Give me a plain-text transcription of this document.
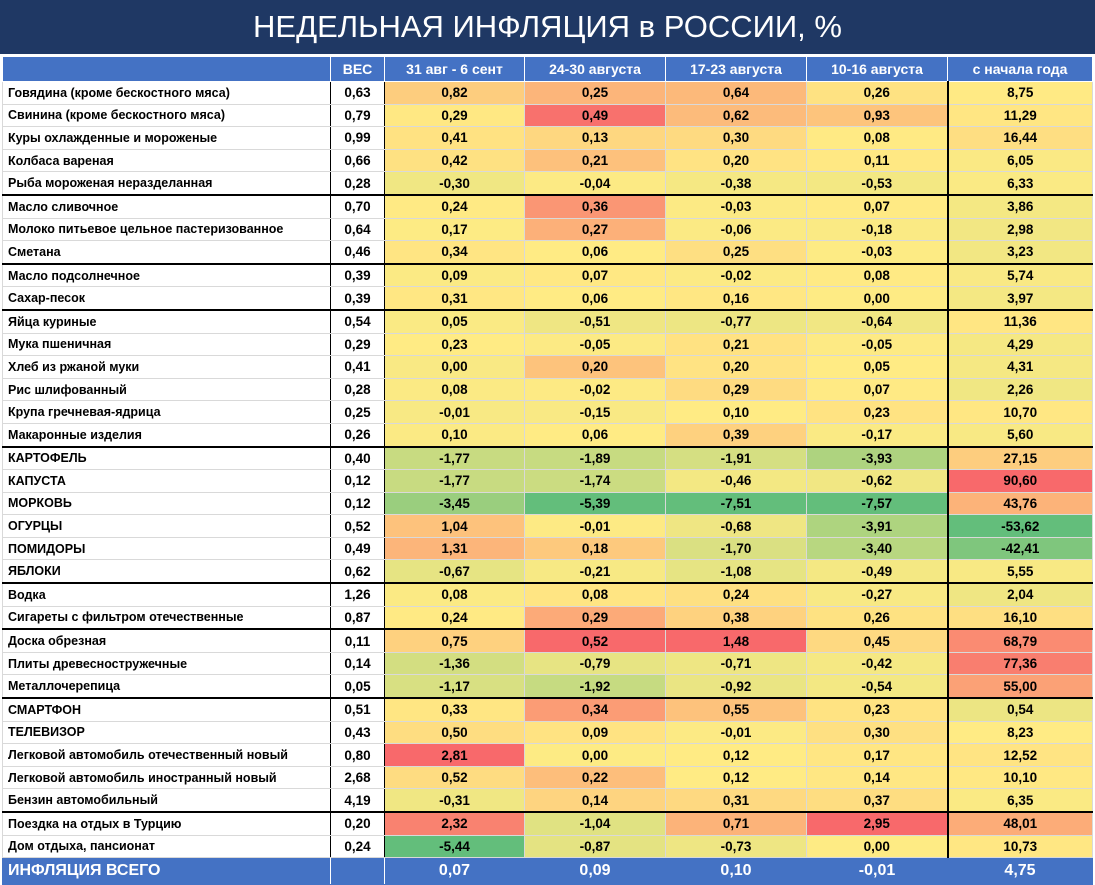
НЕДЕЛЬНАЯ ИНФЛЯЦИЯ в РОССИИ, %
	ВЕС	31 авг - 6 сент	24-30 августа	17-23 августа	10-16 августа	с начала года
Говядина (кроме бескостного мяса)	0,63	0,82	0,25	0,64	0,26	8,75
Свинина (кроме бескостного мяса)	0,79	0,29	0,49	0,62	0,93	11,29
Куры охлажденные и мороженые	0,99	0,41	0,13	0,30	0,08	16,44
Колбаса вареная	0,66	0,42	0,21	0,20	0,11	6,05
Рыба мороженая неразделанная	0,28	-0,30	-0,04	-0,38	-0,53	6,33
Масло сливочное	0,70	0,24	0,36	-0,03	0,07	3,86
Молоко питьевое цельное пастеризованное	0,64	0,17	0,27	-0,06	-0,18	2,98
Сметана	0,46	0,34	0,06	0,25	-0,03	3,23
Масло подсолнечное	0,39	0,09	0,07	-0,02	0,08	5,74
Сахар-песок	0,39	0,31	0,06	0,16	0,00	3,97
Яйца куриные	0,54	0,05	-0,51	-0,77	-0,64	11,36
Мука пшеничная	0,29	0,23	-0,05	0,21	-0,05	4,29
Хлеб из ржаной муки	0,41	0,00	0,20	0,20	0,05	4,31
Рис шлифованный	0,28	0,08	-0,02	0,29	0,07	2,26
Крупа гречневая-ядрица	0,25	-0,01	-0,15	0,10	0,23	10,70
Макаронные изделия	0,26	0,10	0,06	0,39	-0,17	5,60
КАРТОФЕЛЬ	0,40	-1,77	-1,89	-1,91	-3,93	27,15
КАПУСТА	0,12	-1,77	-1,74	-0,46	-0,62	90,60
МОРКОВЬ	0,12	-3,45	-5,39	-7,51	-7,57	43,76
ОГУРЦЫ	0,52	1,04	-0,01	-0,68	-3,91	-53,62
ПОМИДОРЫ	0,49	1,31	0,18	-1,70	-3,40	-42,41
ЯБЛОКИ	0,62	-0,67	-0,21	-1,08	-0,49	5,55
Водка	1,26	0,08	0,08	0,24	-0,27	2,04
Сигареты с фильтром отечественные	0,87	0,24	0,29	0,38	0,26	16,10
Доска обрезная	0,11	0,75	0,52	1,48	0,45	68,79
Плиты древесностружечные	0,14	-1,36	-0,79	-0,71	-0,42	77,36
Металлочерепица	0,05	-1,17	-1,92	-0,92	-0,54	55,00
СМАРТФОН	0,51	0,33	0,34	0,55	0,23	0,54
ТЕЛЕВИЗОР	0,43	0,50	0,09	-0,01	0,30	8,23
Легковой автомобиль отечественный новый	0,80	2,81	0,00	0,12	0,17	12,52
Легковой автомобиль иностранный новый	2,68	0,52	0,22	0,12	0,14	10,10
Бензин автомобильный	4,19	-0,31	0,14	0,31	0,37	6,35
Поездка на отдых в Турцию	0,20	2,32	-1,04	0,71	2,95	48,01
Дом отдыха, пансионат	0,24	-5,44	-0,87	-0,73	0,00	10,73
ИНФЛЯЦИЯ ВСЕГО		0,07	0,09	0,10	-0,01	4,75
